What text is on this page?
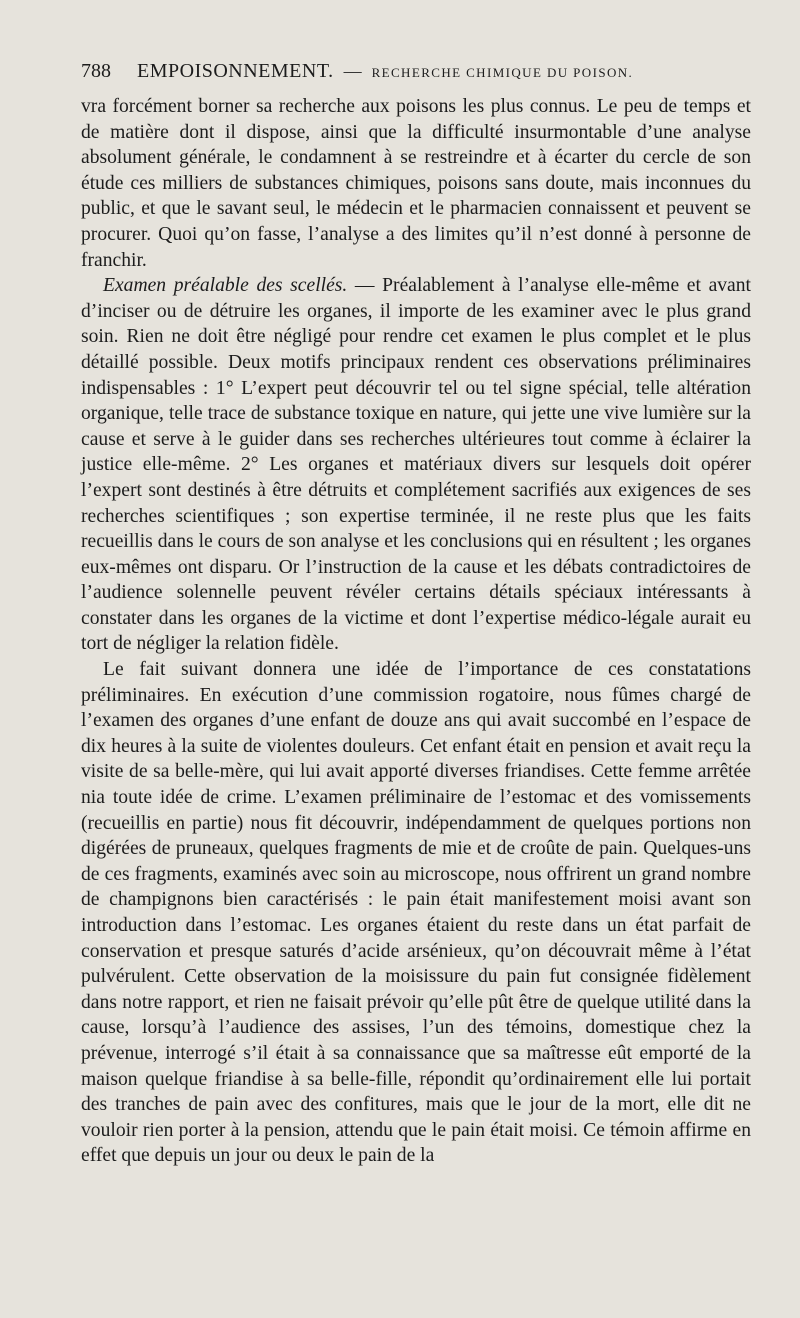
788 EMPOISONNEMENT. — RECHERCHE CHIMIQUE DU POISON.

vra forcément borner sa recherche aux poisons les plus connus. Le peu de temps et de matière dont il dispose, ainsi que la difficulté insurmontable d’une analyse absolument générale, le condamnent à se restreindre et à écarter du cercle de son étude ces milliers de substances chimiques, poisons sans doute, mais inconnues du public, et que le savant seul, le médecin et le pharmacien connaissent et peuvent se procurer. Quoi qu’on fasse, l’analyse a des limites qu’il n’est donné à personne de franchir.

Examen préalable des scellés. — Préalablement à l’analyse elle-même et avant d’inciser ou de détruire les organes, il importe de les examiner avec le plus grand soin. Rien ne doit être négligé pour rendre cet examen le plus complet et le plus détaillé possible. Deux motifs principaux rendent ces observations préliminaires indispensables : 1° L’expert peut découvrir tel ou tel signe spécial, telle altération organique, telle trace de substance toxique en nature, qui jette une vive lumière sur la cause et serve à le guider dans ses recherches ultérieures tout comme à éclairer la justice elle-même. 2° Les organes et matériaux divers sur lesquels doit opérer l’expert sont destinés à être détruits et complétement sacrifiés aux exigences de ses recherches scientifiques ; son expertise terminée, il ne reste plus que les faits recueillis dans le cours de son analyse et les conclusions qui en résultent ; les organes eux-mêmes ont disparu. Or l’instruction de la cause et les débats contradictoires de l’audience solennelle peuvent révéler certains détails spéciaux intéressants à constater dans les organes de la victime et dont l’expertise médico-légale aurait eu tort de négliger la relation fidèle.

Le fait suivant donnera une idée de l’importance de ces constatations préliminaires. En exécution d’une commission rogatoire, nous fûmes chargé de l’examen des organes d’une enfant de douze ans qui avait succombé en l’espace de dix heures à la suite de violentes douleurs. Cet enfant était en pension et avait reçu la visite de sa belle-mère, qui lui avait apporté diverses friandises. Cette femme arrêtée nia toute idée de crime. L’examen préliminaire de l’estomac et des vomissements (recueillis en partie) nous fit découvrir, indépendamment de quelques portions non digérées de pruneaux, quelques fragments de mie et de croûte de pain. Quelques-uns de ces fragments, examinés avec soin au microscope, nous offrirent un grand nombre de champignons bien caractérisés : le pain était manifestement moisi avant son introduction dans l’estomac. Les organes étaient du reste dans un état parfait de conservation et presque saturés d’acide arsénieux, qu’on découvrait même à l’état pulvérulent. Cette observation de la moisissure du pain fut consignée fidèlement dans notre rapport, et rien ne faisait prévoir qu’elle pût être de quelque utilité dans la cause, lorsqu’à l’audience des assises, l’un des témoins, domestique chez la prévenue, interrogé s’il était à sa connaissance que sa maîtresse eût emporté de la maison quelque friandise à sa belle-fille, répondit qu’ordinairement elle lui portait des tranches de pain avec des confitures, mais que le jour de la mort, elle dit ne vouloir rien porter à la pension, attendu que le pain était moisi. Ce témoin affirme en effet que depuis un jour ou deux le pain de la
